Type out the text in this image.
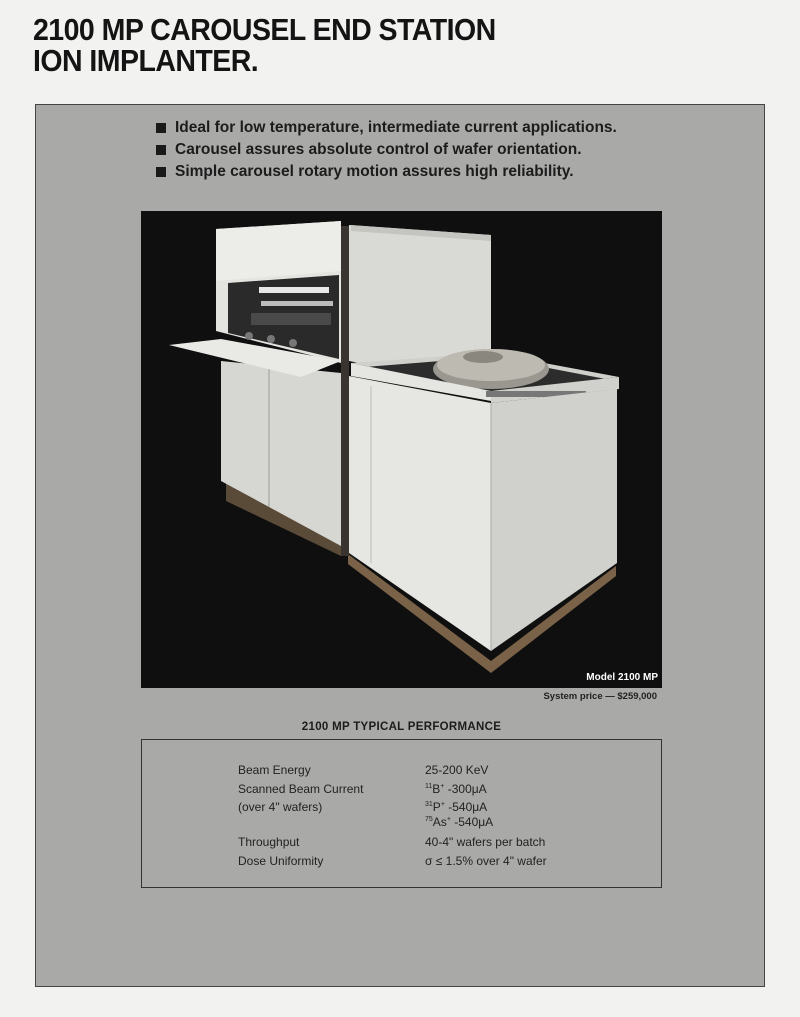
2100 MP CAROUSEL END STATION
ION IMPLANTER.
Ideal for low temperature, intermediate current applications.
Carousel assures absolute control of wafer orientation.
Simple carousel rotary motion assures high reliability.
Model 2100 MP
System price — $259,000
2100 MP TYPICAL PERFORMANCE
Beam Energy	25-200 KeV
Scanned Beam Current	$^{11}$B+ -300μA
(over 4" wafers)	$^{31}$P+ -540μA
$^{75}$As+ -540μA
Throughput	40-4" wafers per batch
Dose Uniformity	σ ≤ 1.5% over 4" wafer
